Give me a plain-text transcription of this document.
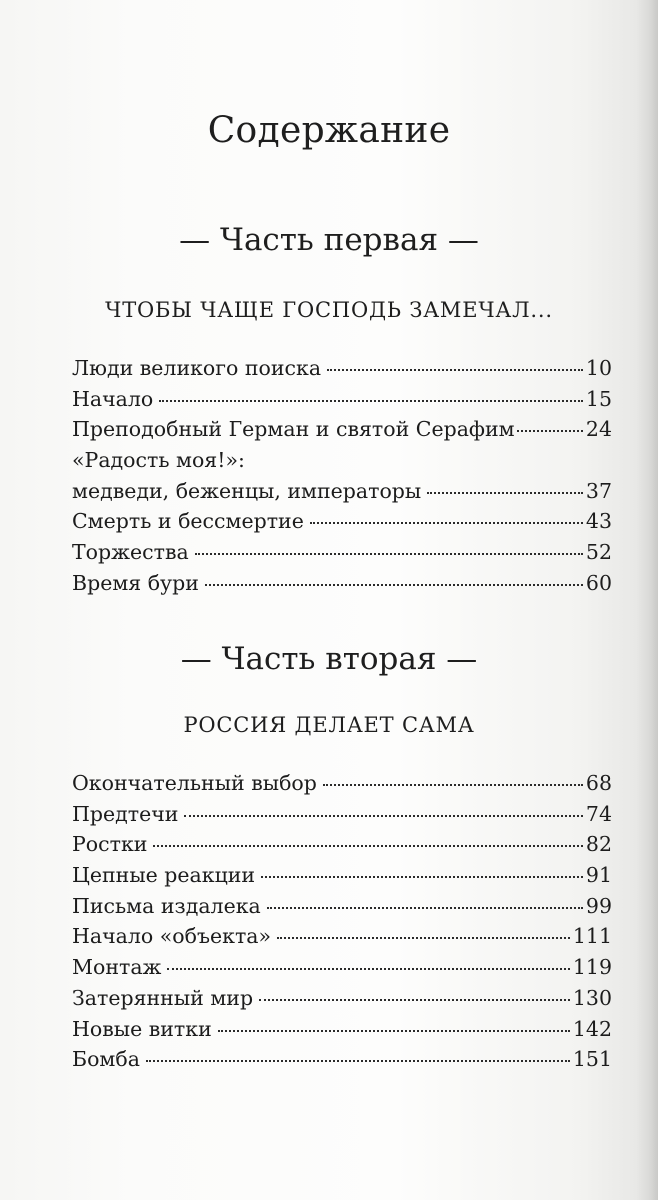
Содержание
— Часть первая —
ЧТОБЫ ЧАЩЕ ГОСПОДЬ ЗАМЕЧАЛ...
Люди великого поиска	10
Начало	15
Преподобный Герман и святой Серафим	24
«Радость моя!»:
медведи, беженцы, императоры	37
Смерть и бессмертие	43
Торжества	52
Время бури	60
— Часть вторая —
РОССИЯ ДЕЛАЕТ САМА
Окончательный выбор	68
Предтечи	74
Ростки	82
Цепные реакции	91
Письма издалека	99
Начало «объекта»	111
Монтаж	119
Затерянный мир	130
Новые витки	142
Бомба	151
